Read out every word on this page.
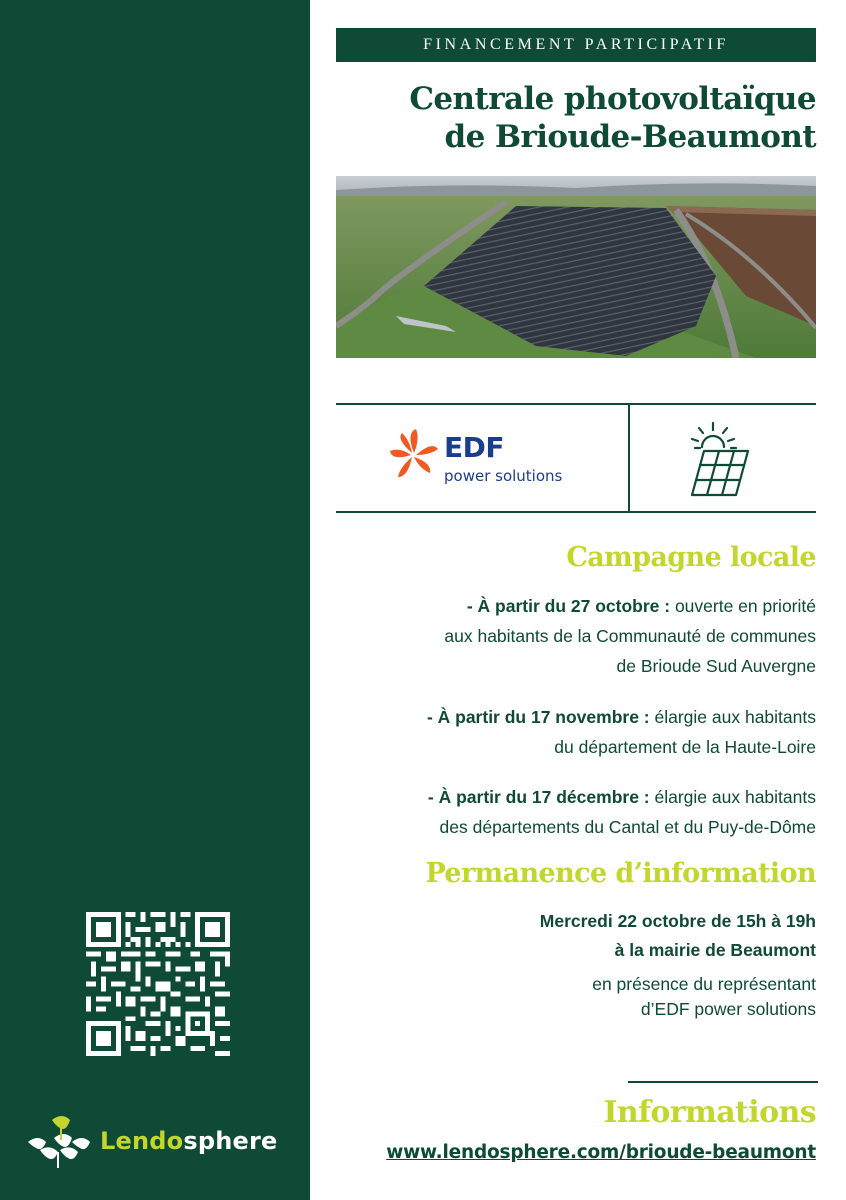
Lendosphere
FINANCEMENT PARTICIPATIF
Centrale photovoltaïque
de Brioude-Beaumont
EDF
power solutions
Campagne locale
- À partir du 27 octobre : ouverte en priorité
aux habitants de la Communauté de communes
de Brioude Sud Auvergne
- À partir du 17 novembre : élargie aux habitants
du département de la Haute-Loire
- À partir du 17 décembre : élargie aux habitants
des départements du Cantal et du Puy-de-Dôme
Permanence d’information
Mercredi 22 octobre de 15h à 19h
à la mairie de Beaumont
en présence du représentant
d’EDF power solutions
Informations
www.lendosphere.com/brioude-beaumont
